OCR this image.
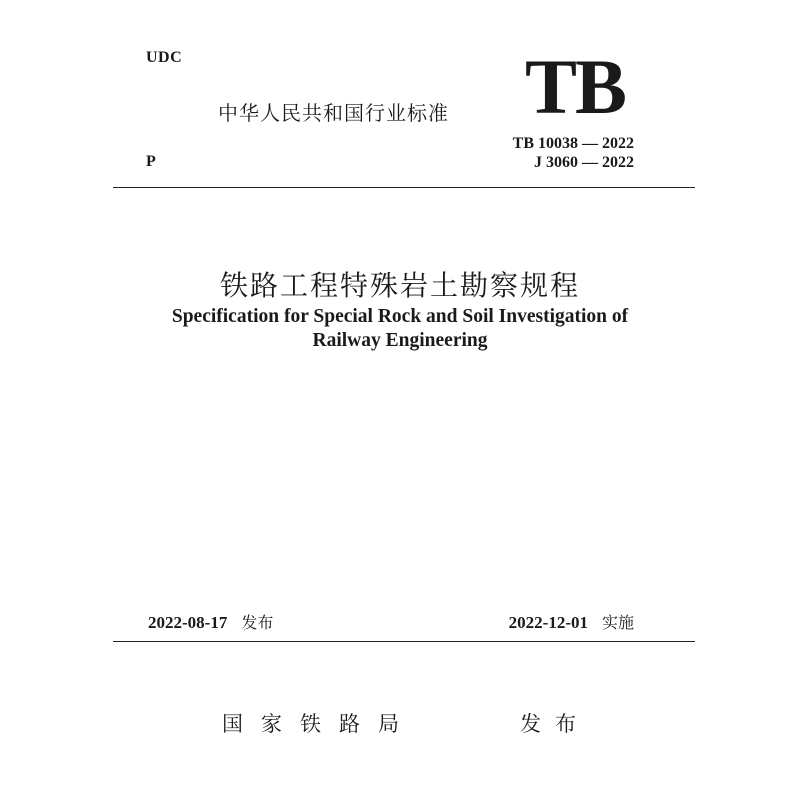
UDC
中华人民共和国行业标准 TB
TB 10038 — 2022
J 3060 — 2022
P
铁路工程特殊岩土勘察规程
Specification for Special Rock and Soil Investigation of
Railway Engineering
2022-08-17 发布	2022-12-01 实施
国家铁路局	发布
